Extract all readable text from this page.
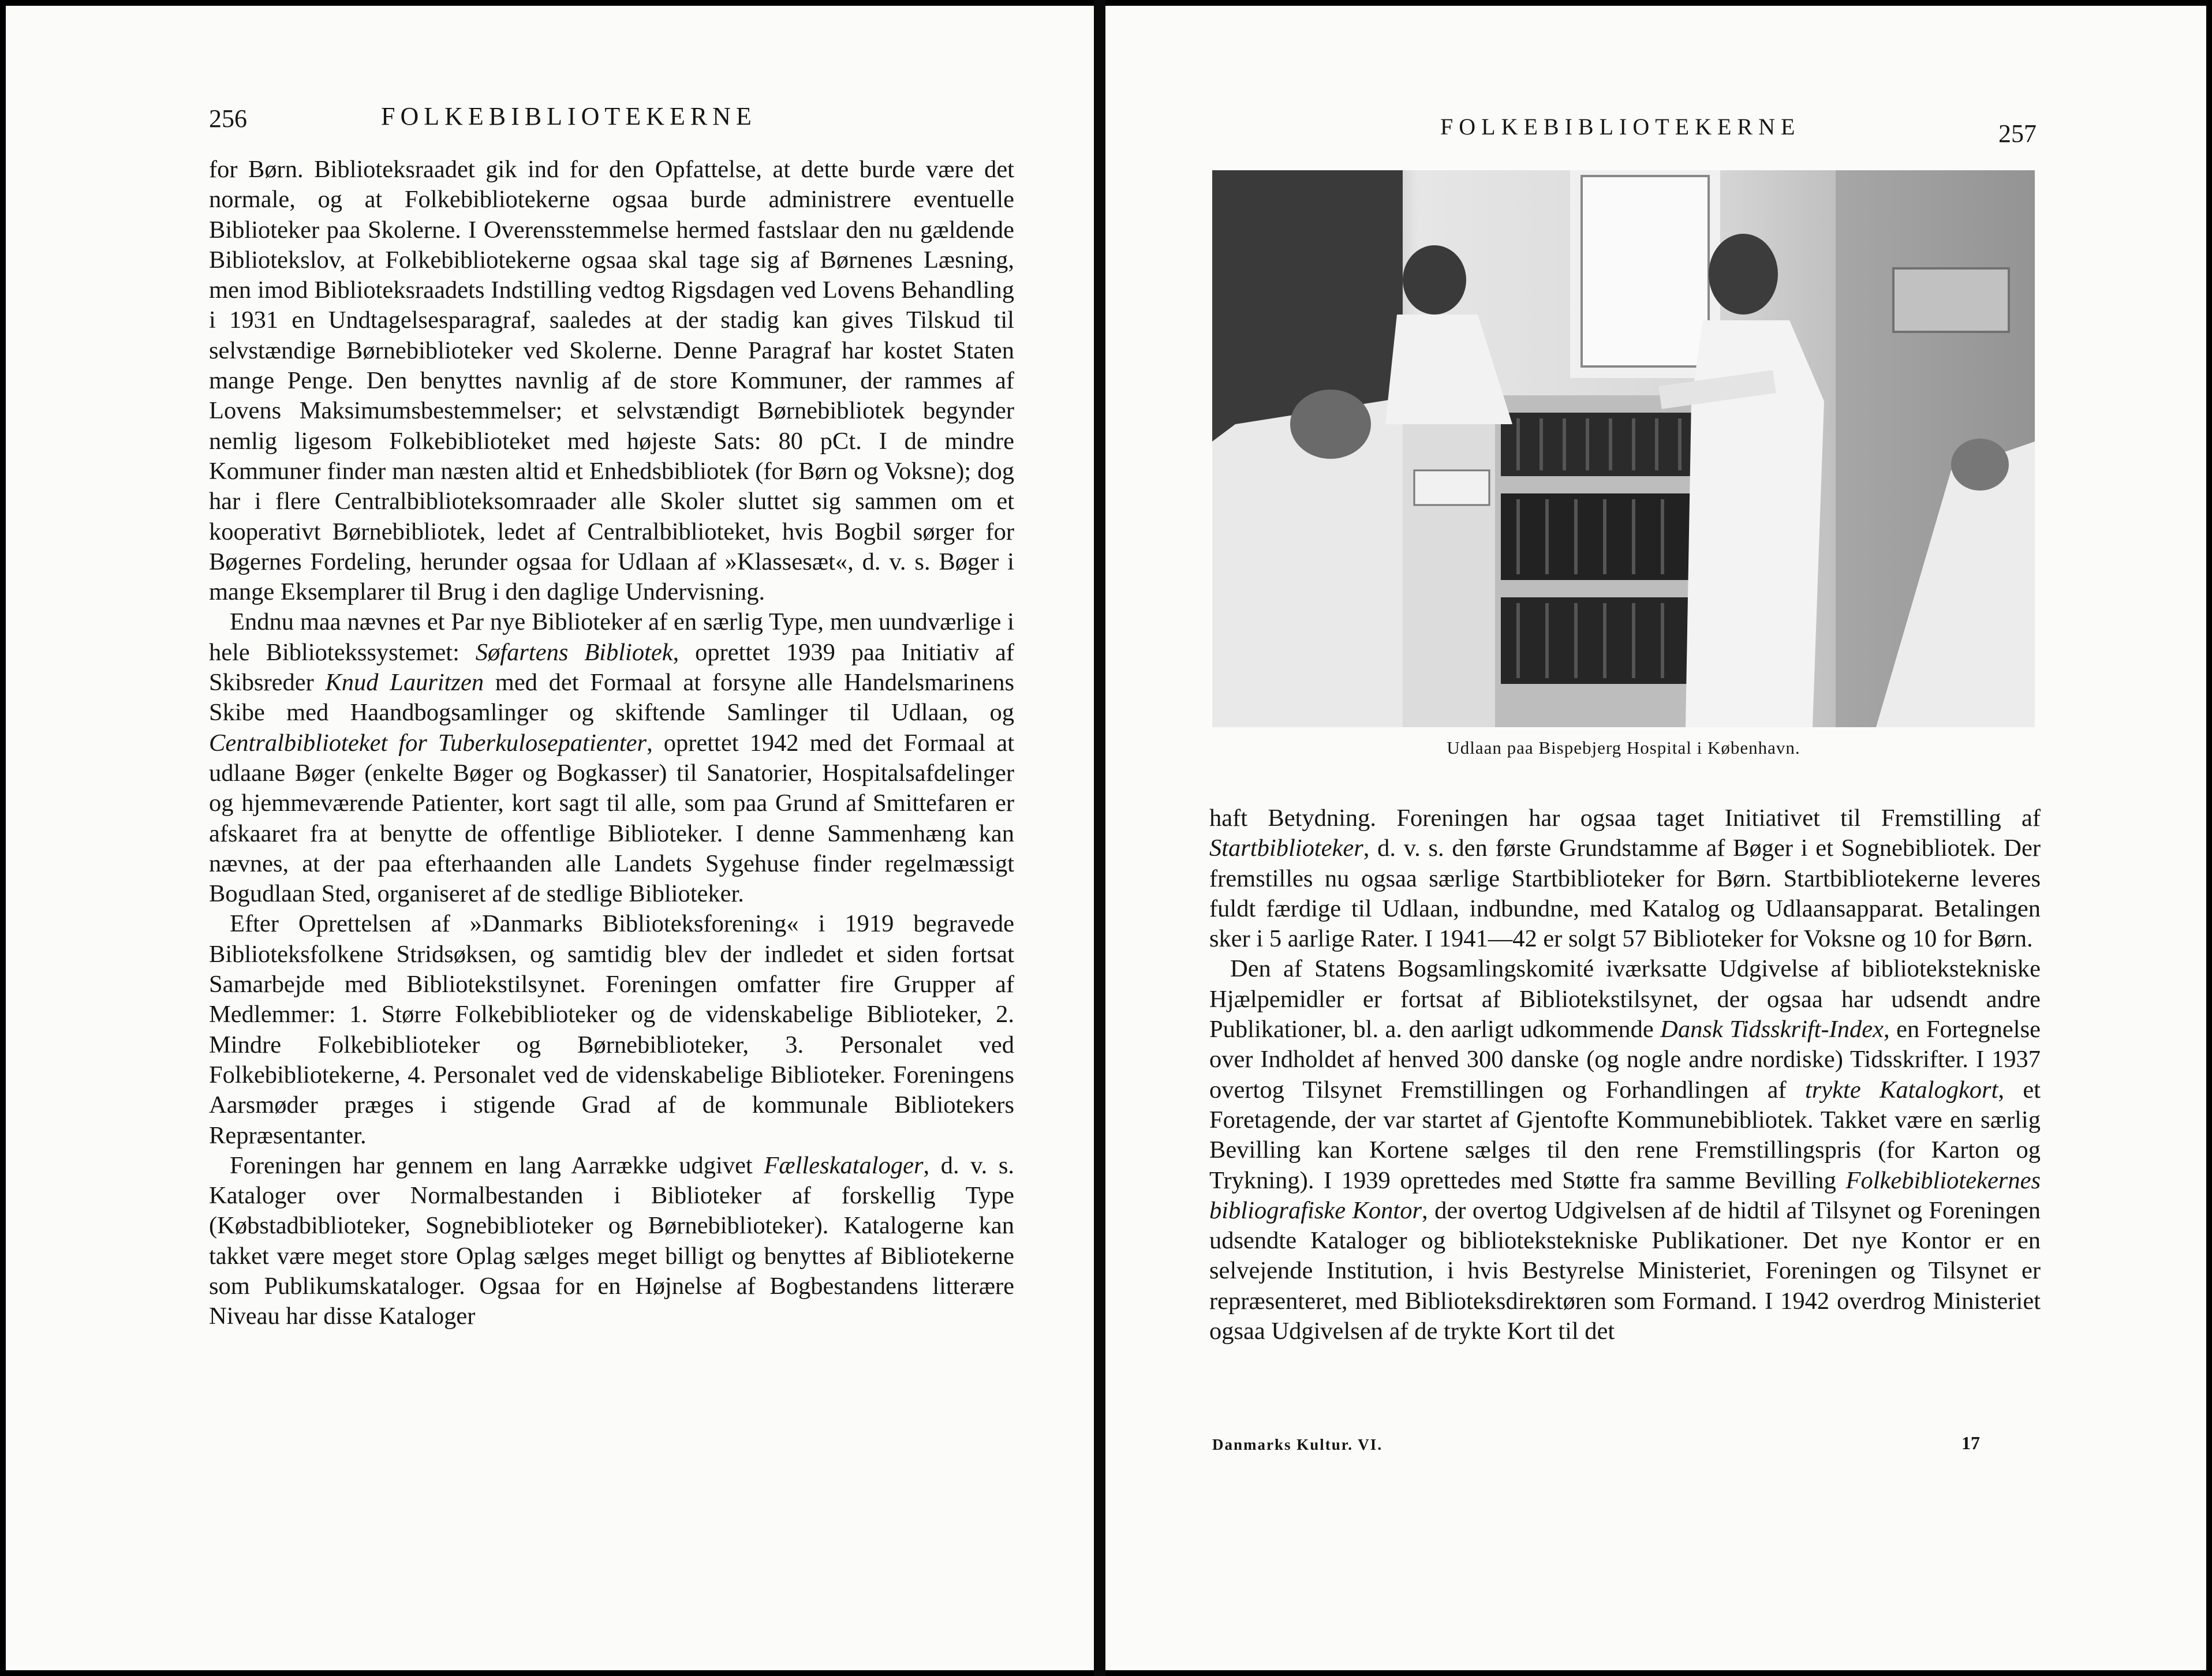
256	FOLKEBIBLIOTEKERNE

for Børn. Biblioteksraadet gik ind for den Opfattelse, at dette burde være det normale, og at Folkebibliotekerne ogsaa burde administrere eventuelle Biblioteker paa Skolerne. I Overensstemmelse hermed fastslaar den nu gældende Bibliotekslov, at Folkebibliotekerne ogsaa skal tage sig af Børnenes Læsning, men imod Biblioteksraadets Indstilling vedtog Rigsdagen ved Lovens Behandling i 1931 en Undtagelsesparagraf, saaledes at der stadig kan gives Tilskud til selvstændige Børnebiblioteker ved Skolerne. Denne Paragraf har kostet Staten mange Penge. Den benyttes navnlig af de store Kommuner, der rammes af Lovens Maksimumsbestemmelser; et selvstændigt Børnebibliotek begynder nemlig ligesom Folkebiblioteket med højeste Sats: 80 pCt. I de mindre Kommuner finder man næsten altid et Enhedsbibliotek (for Børn og Voksne); dog har i flere Centralbiblioteksomraader alle Skoler sluttet sig sammen om et kooperativt Børnebibliotek, ledet af Centralbiblioteket, hvis Bogbil sørger for Bøgernes Fordeling, herunder ogsaa for Udlaan af »Klassesæt«, d. v. s. Bøger i mange Eksemplarer til Brug i den daglige Undervisning.

Endnu maa nævnes et Par nye Biblioteker af en særlig Type, men uundværlige i hele Bibliotekssystemet: Søfartens Bibliotek, oprettet 1939 paa Initiativ af Skibsreder Knud Lauritzen med det Formaal at forsyne alle Handelsmarinens Skibe med Haandbogsamlinger og skiftende Samlinger til Udlaan, og Centralbiblioteket for Tuberkulosepatienter, oprettet 1942 med det Formaal at udlaane Bøger (enkelte Bøger og Bogkasser) til Sanatorier, Hospitalsafdelinger og hjemmeværende Patienter, kort sagt til alle, som paa Grund af Smittefaren er afskaaret fra at benytte de offentlige Biblioteker. I denne Sammenhæng kan nævnes, at der paa efterhaanden alle Landets Sygehuse finder regelmæssigt Bogudlaan Sted, organiseret af de stedlige Biblioteker.

Efter Oprettelsen af »Danmarks Biblioteksforening« i 1919 begravede Biblioteksfolkene Stridsøksen, og samtidig blev der indledet et siden fortsat Samarbejde med Bibliotekstilsynet. Foreningen omfatter fire Grupper af Medlemmer: 1. Større Folkebiblioteker og de videnskabelige Biblioteker, 2. Mindre Folkebiblioteker og Børnebiblioteker, 3. Personalet ved Folkebibliotekerne, 4. Personalet ved de videnskabelige Biblioteker. Foreningens Aarsmøder præges i stigende Grad af de kommunale Bibliotekers Repræsentanter.

Foreningen har gennem en lang Aarrække udgivet Fælleskataloger, d. v. s. Kataloger over Normalbestanden i Biblioteker af forskellig Type (Købstadbiblioteker, Sognebiblioteker og Børnebiblioteker). Katalogerne kan takket være meget store Oplag sælges meget billigt og benyttes af Bibliotekerne som Publikumskataloger. Ogsaa for en Højnelse af Bogbestandens litterære Niveau har disse Kataloger

FOLKEBIBLIOTEKERNE	257
Udlaan paa Bispebjerg Hospital i København.

haft Betydning. Foreningen har ogsaa taget Initiativet til Fremstilling af Startbiblioteker, d. v. s. den første Grundstamme af Bøger i et Sognebibliotek. Der fremstilles nu ogsaa særlige Startbiblioteker for Børn. Startbibliotekerne leveres fuldt færdige til Udlaan, indbundne, med Katalog og Udlaansapparat. Betalingen sker i 5 aarlige Rater. I 1941—42 er solgt 57 Biblioteker for Voksne og 10 for Børn.

Den af Statens Bogsamlingskomité iværksatte Udgivelse af bibliotekstekniske Hjælpemidler er fortsat af Bibliotekstilsynet, der ogsaa har udsendt andre Publikationer, bl. a. den aarligt udkommende Dansk Tidsskrift-Index, en Fortegnelse over Indholdet af henved 300 danske (og nogle andre nordiske) Tidsskrifter. I 1937 overtog Tilsynet Fremstillingen og Forhandlingen af trykte Katalogkort, et Foretagende, der var startet af Gjentofte Kommunebibliotek. Takket være en særlig Bevilling kan Kortene sælges til den rene Fremstillingspris (for Karton og Trykning). I 1939 oprettedes med Støtte fra samme Bevilling Folkebibliotekernes bibliografiske Kontor, der overtog Udgivelsen af de hidtil af Tilsynet og Foreningen udsendte Kataloger og bibliotekstekniske Publikationer. Det nye Kontor er en selvejende Institution, i hvis Bestyrelse Ministeriet, Foreningen og Tilsynet er repræsenteret, med Biblioteksdirektøren som Formand. I 1942 overdrog Ministeriet ogsaa Udgivelsen af de trykte Kort til det

Danmarks Kultur. VI.	17
